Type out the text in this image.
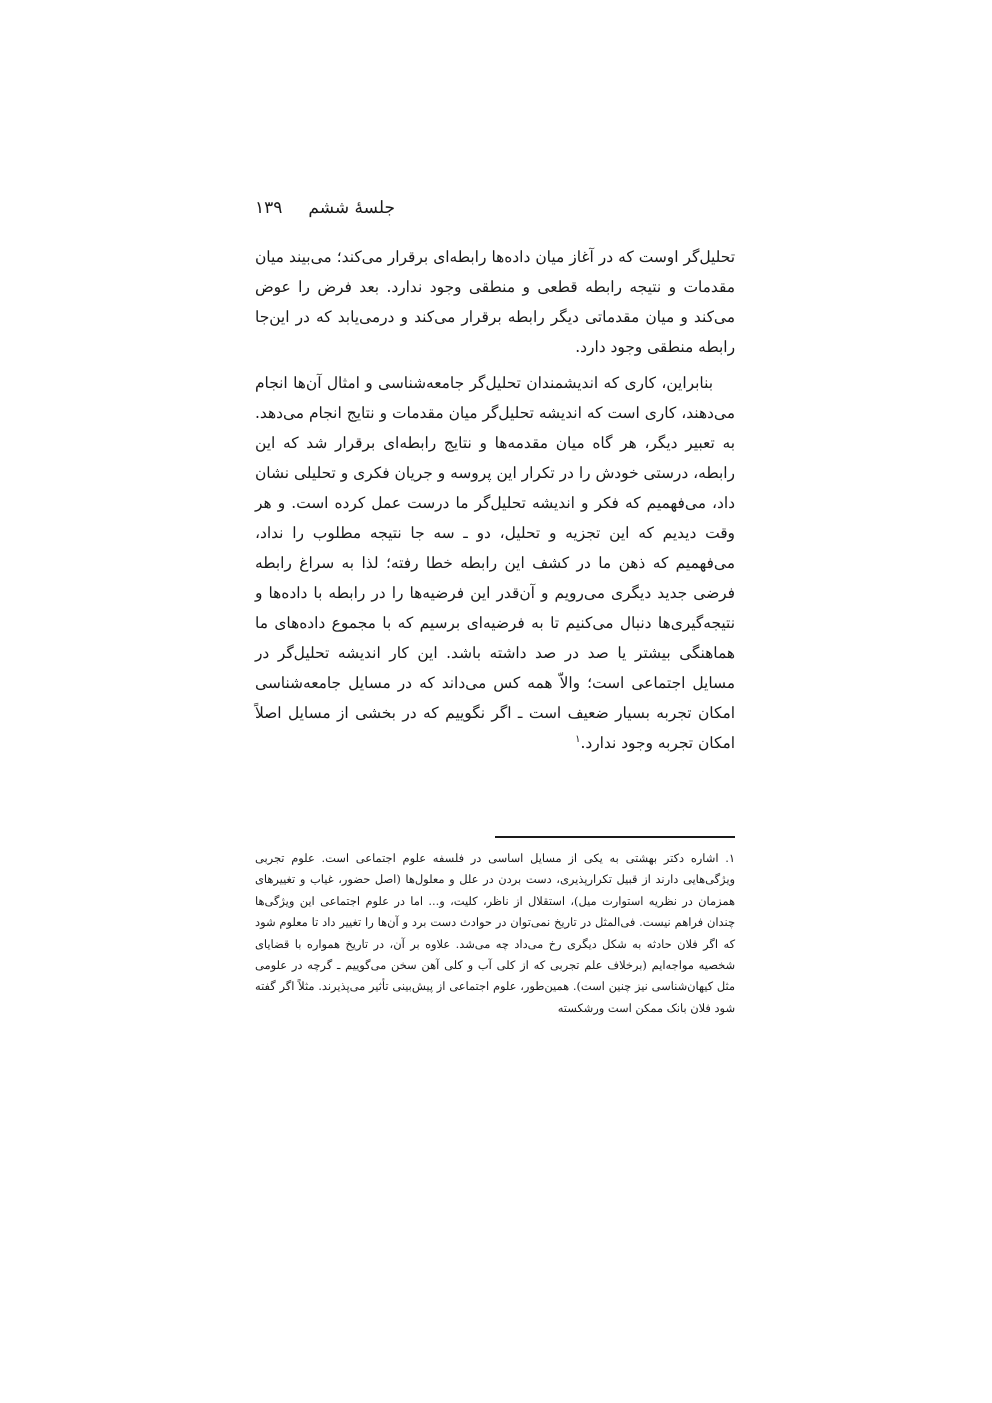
۱۳۹ جلسهٔ ششم

تحلیل‌گر اوست که در آغاز میان داده‌ها رابطه‌ای برقرار می‌کند؛ می‌بیند میان مقدمات و نتیجه رابطه قطعی و منطقی وجود ندارد. بعد فرض را عوض می‌کند و میان مقدماتی دیگر رابطه برقرار می‌کند و درمی‌یابد که در این‌جا رابطه منطقی وجود دارد.

بنابراین، کاری که اندیشمندان تحلیل‌گر جامعه‌شناسی و امثال آن‌ها انجام می‌دهند، کاری است که اندیشه تحلیل‌گر میان مقدمات و نتایج انجام می‌دهد. به تعبیر دیگر، هر گاه میان مقدمه‌ها و نتایج رابطه‌ای برقرار شد که این رابطه، درستی خودش را در تکرار این پروسه و جریان فکری و تحلیلی نشان داد، می‌فهمیم که فکر و اندیشه تحلیل‌گر ما درست عمل کرده است. و هر وقت دیدیم که این تجزیه و تحلیل، دو ـ سه جا نتیجه مطلوب را نداد، می‌فهمیم که ذهن ما در کشف این رابطه خطا رفته؛ لذا به سراغ رابطه فرضی جدید دیگری می‌رویم و آن‌قدر این فرضیه‌ها را در رابطه با داده‌ها و نتیجه‌گیری‌ها دنبال می‌کنیم تا به فرضیه‌ای برسیم که با مجموع داده‌های ما هماهنگی بیشتر یا صد در صد داشته باشد. این کار اندیشه تحلیل‌گر در مسایل اجتماعی است؛ والاّ همه کس می‌داند که در مسایل جامعه‌شناسی امکان تجربه بسیار ضعیف است ـ اگر نگوییم که در بخشی از مسایل اصلاً امکان تجربه وجود ندارد.$^۱$

۱. اشاره دکتر بهشتی به یکی از مسایل اساسی در فلسفه علوم اجتماعی است. علوم تجربی ویژگی‌هایی دارند از قبیل تکرارپذیری، دست بردن در علل و معلول‌ها (اصل حضور، غیاب و تغییرهای همزمان در نظریه استوارت میل)، استقلال از ناظر، کلیت، و... اما در علوم اجتماعی این ویژگی‌ها چندان فراهم نیست. فی‌المثل در تاریخ نمی‌توان در حوادث دست برد و آن‌ها را تغییر داد تا معلوم شود که اگر فلان حادثه به شکل دیگری رخ می‌داد چه می‌شد. علاوه بر آن، در تاریخ همواره با قضایای شخصیه مواجه‌ایم (برخلاف علم تجربی که از کلی آب و کلی آهن سخن می‌گوییم ـ گرچه در علومی مثل کیهان‌شناسی نیز چنین است). همین‌طور، علوم اجتماعی از پیش‌بینی تأثیر می‌پذیرند. مثلاً اگر گفته شود فلان بانک ممکن است ورشکسته
